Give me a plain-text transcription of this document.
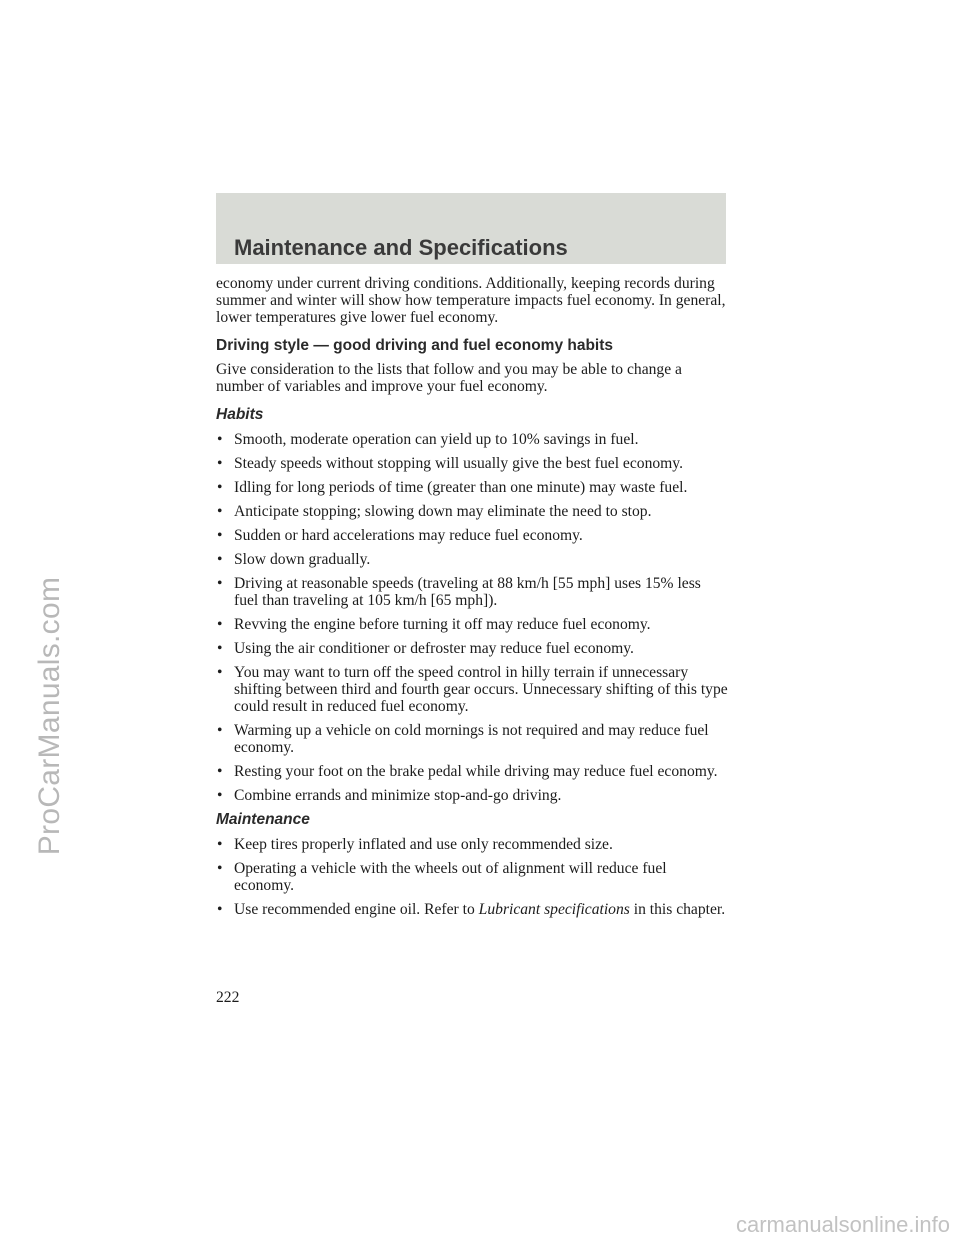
ProCarManuals.com
Maintenance and Specifications

economy under current driving conditions. Additionally, keeping records during summer and winter will show how temperature impacts fuel economy. In general, lower temperatures give lower fuel economy.

Driving style — good driving and fuel economy habits

Give consideration to the lists that follow and you may be able to change a number of variables and improve your fuel economy.

Habits
• Smooth, moderate operation can yield up to 10% savings in fuel.
• Steady speeds without stopping will usually give the best fuel economy.
• Idling for long periods of time (greater than one minute) may waste fuel.
• Anticipate stopping; slowing down may eliminate the need to stop.
• Sudden or hard accelerations may reduce fuel economy.
• Slow down gradually.
• Driving at reasonable speeds (traveling at 88 km/h [55 mph] uses 15% less fuel than traveling at 105 km/h [65 mph]).
• Revving the engine before turning it off may reduce fuel economy.
• Using the air conditioner or defroster may reduce fuel economy.
• You may want to turn off the speed control in hilly terrain if unnecessary shifting between third and fourth gear occurs. Unnecessary shifting of this type could result in reduced fuel economy.
• Warming up a vehicle on cold mornings is not required and may reduce fuel economy.
• Resting your foot on the brake pedal while driving may reduce fuel economy.
• Combine errands and minimize stop-and-go driving.
Maintenance
• Keep tires properly inflated and use only recommended size.
• Operating a vehicle with the wheels out of alignment will reduce fuel economy.
• Use recommended engine oil. Refer to Lubricant specifications in this chapter.
222
carmanualsonline.info
